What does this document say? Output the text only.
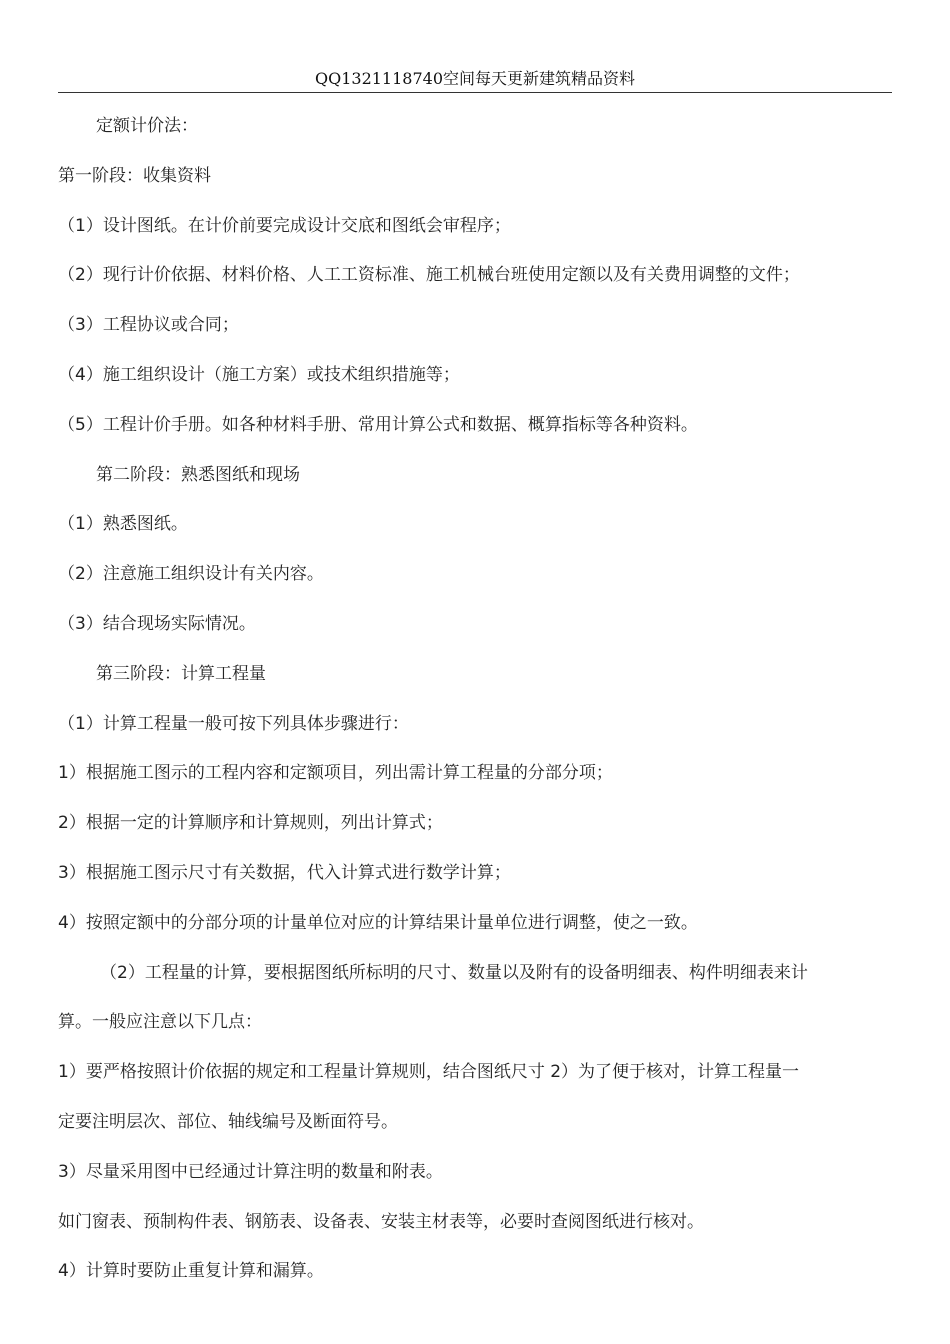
QQ1321118740空间每天更新建筑精品资料
定额计价法：
第一阶段：收集资料
（1）设计图纸。在计价前要完成设计交底和图纸会审程序；
（2）现行计价依据、材料价格、人工工资标准、施工机械台班使用定额以及有关费用调整的文件；
（3）工程协议或合同；
（4）施工组织设计（施工方案）或技术组织措施等；
（5）工程计价手册。如各种材料手册、常用计算公式和数据、概算指标等各种资料。
第二阶段：熟悉图纸和现场
（1）熟悉图纸。
（2）注意施工组织设计有关内容。
（3）结合现场实际情况。
第三阶段：计算工程量
（1）计算工程量一般可按下列具体步骤进行：
1）根据施工图示的工程内容和定额项目，列出需计算工程量的分部分项；
2）根据一定的计算顺序和计算规则，列出计算式；
3）根据施工图示尺寸有关数据，代入计算式进行数学计算；
4）按照定额中的分部分项的计量单位对应的计算结果计量单位进行调整，使之一致。
（2）工程量的计算，要根据图纸所标明的尺寸、数量以及附有的设备明细表、构件明细表来计
算。一般应注意以下几点：
1）要严格按照计价依据的规定和工程量计算规则，结合图纸尺寸 2）为了便于核对，计算工程量一
定要注明层次、部位、轴线编号及断面符号。
3）尽量采用图中已经通过计算注明的数量和附表。
如门窗表、预制构件表、钢筋表、设备表、安装主材表等，必要时查阅图纸进行核对。
4）计算时要防止重复计算和漏算。
